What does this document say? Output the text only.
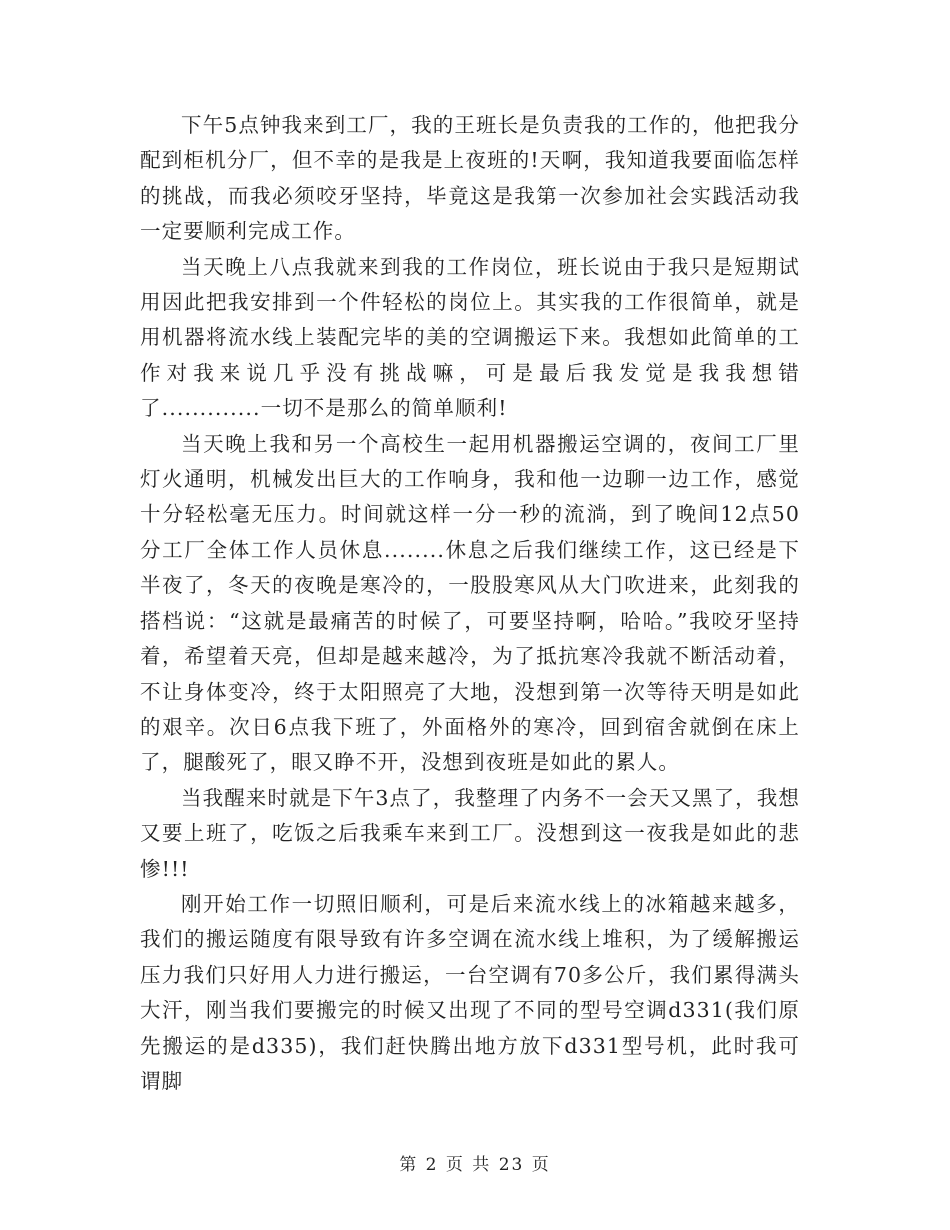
下午5点钟我来到工厂，我的王班长是负责我的工作的，他把我分配到柜机分厂，但不幸的是我是上夜班的!天啊，我知道我要面临怎样的挑战，而我必须咬牙坚持，毕竟这是我第一次参加社会实践活动我一定要顺利完成工作。

当天晚上八点我就来到我的工作岗位，班长说由于我只是短期试用因此把我安排到一个件轻松的岗位上。其实我的工作很简单，就是用机器将流水线上装配完毕的美的空调搬运下来。我想如此简单的工作对我来说几乎没有挑战嘛，可是最后我发觉是我我想错了.............一切不是那么的简单顺利!

当天晚上我和另一个高校生一起用机器搬运空调的，夜间工厂里灯火通明，机械发出巨大的工作响身，我和他一边聊一边工作，感觉十分轻松毫无压力。时间就这样一分一秒的流淌，到了晚间12点50分工厂全体工作人员休息........休息之后我们继续工作，这已经是下半夜了，冬天的夜晚是寒冷的，一股股寒风从大门吹进来，此刻我的搭档说：“这就是最痛苦的时候了，可要坚持啊，哈哈。”我咬牙坚持着，希望着天亮，但却是越来越冷，为了抵抗寒冷我就不断活动着，不让身体变冷，终于太阳照亮了大地，没想到第一次等待天明是如此的艰辛。次日6点我下班了，外面格外的寒冷，回到宿舍就倒在床上了，腿酸死了，眼又睁不开，没想到夜班是如此的累人。

当我醒来时就是下午3点了，我整理了内务不一会天又黑了，我想又要上班了，吃饭之后我乘车来到工厂。没想到这一夜我是如此的悲惨!!!

刚开始工作一切照旧顺利，可是后来流水线上的冰箱越来越多，我们的搬运随度有限导致有许多空调在流水线上堆积，为了缓解搬运压力我们只好用人力进行搬运，一台空调有70多公斤，我们累得满头大汗，刚当我们要搬完的时候又出现了不同的型号空调d331(我们原先搬运的是d335)，我们赶快腾出地方放下d331型号机，此时我可谓脚

第 2 页 共 23 页
